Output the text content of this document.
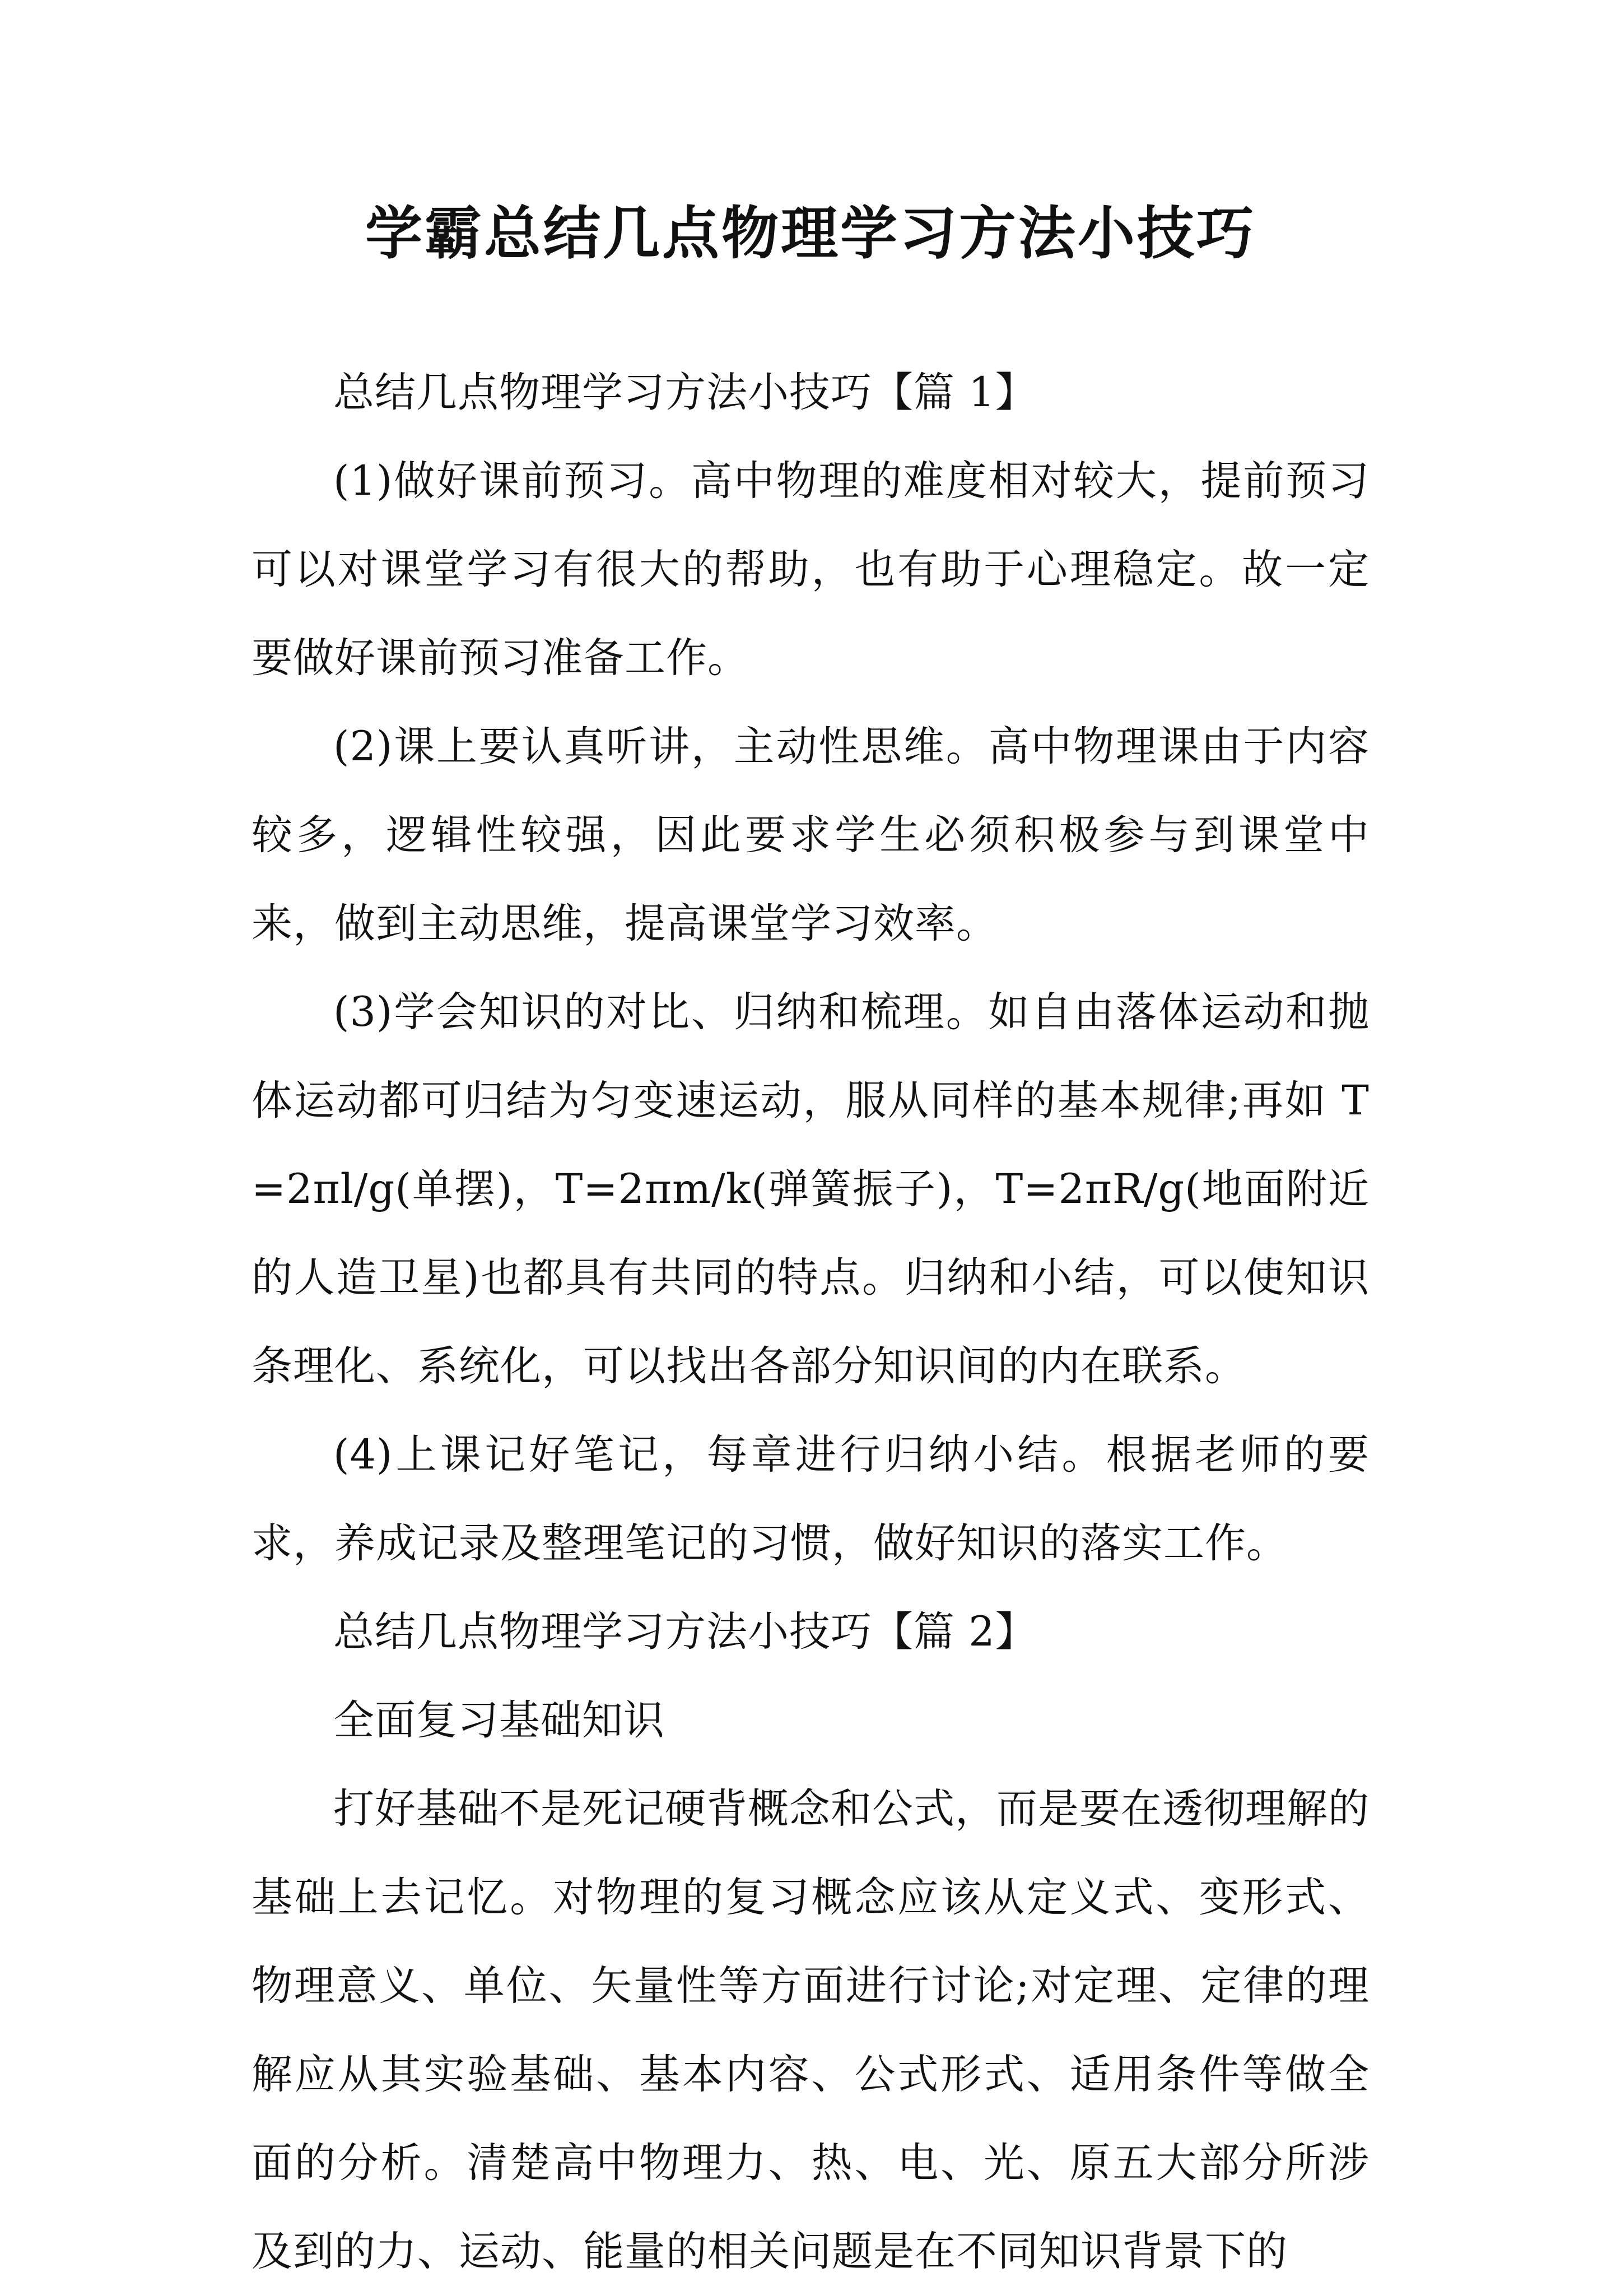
学霸总结几点物理学习方法小技巧

总结几点物理学习方法小技巧【篇 1】

(1)做好课前预习。高中物理的难度相对较大，提前预习可以对课堂学习有很大的帮助，也有助于心理稳定。故一定要做好课前预习准备工作。

(2)课上要认真听讲，主动性思维。高中物理课由于内容较多，逻辑性较强，因此要求学生必须积极参与到课堂中来，做到主动思维，提高课堂学习效率。

(3)学会知识的对比、归纳和梳理。如自由落体运动和抛体运动都可归结为匀变速运动，服从同样的基本规律;再如 T=2πl/g(单摆)，T=2πm/k(弹簧振子)，T=2πR/g(地面附近的人造卫星)也都具有共同的特点。归纳和小结，可以使知识条理化、系统化，可以找出各部分知识间的内在联系。

(4)上课记好笔记，每章进行归纳小结。根据老师的要求，养成记录及整理笔记的习惯，做好知识的落实工作。

总结几点物理学习方法小技巧【篇 2】

全面复习基础知识

打好基础不是死记硬背概念和公式，而是要在透彻理解的基础上去记忆。对物理的复习概念应该从定义式、变形式、物理意义、单位、矢量性等方面进行讨论;对定理、定律的理解应从其实验基础、基本内容、公式形式、适用条件等做全面的分析。清楚高中物理力、热、电、光、原五大部分所涉及到的力、运动、能量的相关问题是在不同知识背景下的
